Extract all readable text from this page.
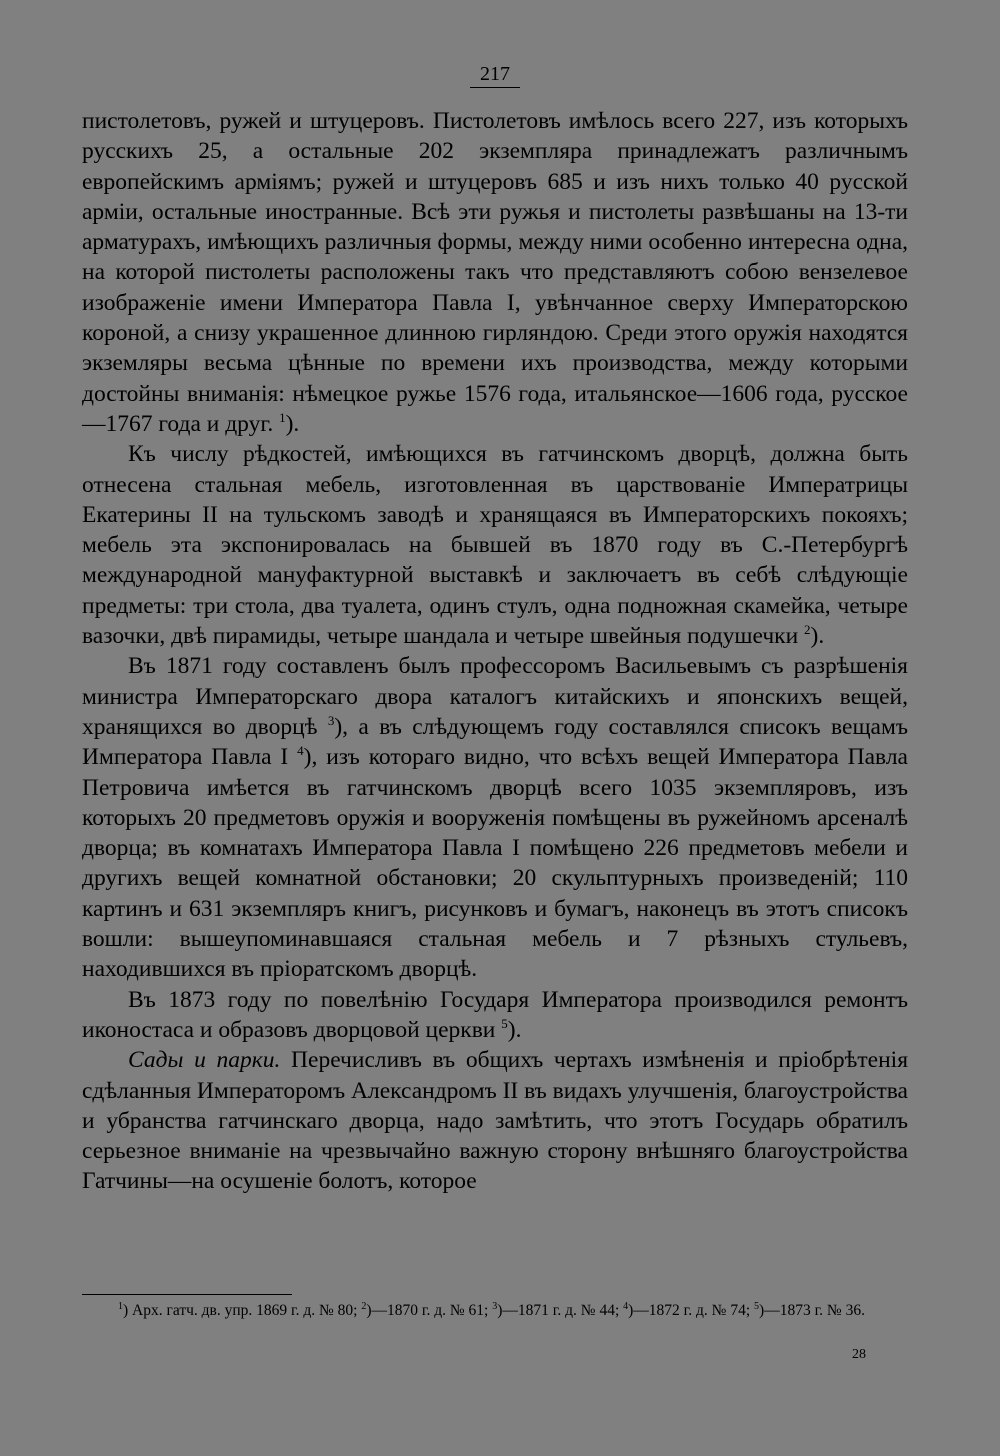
217

пистолетовъ, ружей и штуцеровъ. Пистолетовъ имѣлось всего 227, изъ которыхъ русскихъ 25, а остальные 202 экземпляра принадлежатъ различнымъ европейскимъ арміямъ; ружей и штуцеровъ 685 и изъ нихъ только 40 русской арміи, остальные иностранные. Всѣ эти ружья и пистолеты развѣшаны на 13-ти арматурахъ, имѣющихъ различныя формы, между ними особенно интересна одна, на которой пистолеты расположены такъ что представляютъ собою вензелевое изображеніе имени Императора Павла I, увѣнчанное сверху Императорскою короной, а снизу украшенное длинною гирляндою. Среди этого оружія находятся экземляры весьма цѣнные по времени ихъ производства, между которыми достойны вниманія: нѣмецкое ружье 1576 года, итальянское—1606 года, русское—1767 года и друг. $^1$).

Къ числу рѣдкостей, имѣющихся въ гатчинскомъ дворцѣ, должна быть отнесена стальная мебель, изготовленная въ царствованіе Императрицы Екатерины II на тульскомъ заводѣ и хранящаяся въ Императорскихъ покояхъ; мебель эта экспонировалась на бывшей въ 1870 году въ С.-Петербургѣ международной мануфактурной выставкѣ и заключаетъ въ себѣ слѣдующіе предметы: три стола, два туалета, одинъ стулъ, одна подножная скамейка, четыре вазочки, двѣ пирамиды, четыре шандала и четыре швейныя подушечки $^2$).

Въ 1871 году составленъ былъ профессоромъ Васильевымъ съ разрѣшенія министра Императорскаго двора каталогъ китайскихъ и японскихъ вещей, хранящихся во дворцѣ $^3$), а въ слѣдующемъ году составлялся списокъ вещамъ Императора Павла I $^4$), изъ котораго видно, что всѣхъ вещей Императора Павла Петровича имѣется въ гатчинскомъ дворцѣ всего 1035 экземпляровъ, изъ которыхъ 20 предметовъ оружія и вооруженія помѣщены въ ружейномъ арсеналѣ дворца; въ комнатахъ Императора Павла I помѣщено 226 предметовъ мебели и другихъ вещей комнатной обстановки; 20 скульптурныхъ произведеній; 110 картинъ и 631 экземпляръ книгъ, рисунковъ и бумагъ, наконецъ въ этотъ списокъ вошли: вышеупоминавшаяся стальная мебель и 7 рѣзныхъ стульевъ, находившихся въ пріоратскомъ дворцѣ.

Въ 1873 году по повелѣнію Государя Императора производился ремонтъ иконостаса и образовъ дворцовой церкви $^5$).

Сады и парки. Перечисливъ въ общихъ чертахъ измѣненія и пріобрѣтенія сдѣланныя Императоромъ Александромъ II въ видахъ улучшенія, благоустройства и убранства гатчинскаго дворца, надо замѣтить, что этотъ Государь обратилъ серьезное вниманіе на чрезвычайно важную сторону внѣшняго благоустройства Гатчины—на осушеніе болотъ, которое

$^1$) Арх. гатч. дв. упр. 1869 г. д. № 80; $^2$)—1870 г. д. № 61; $^3$)—1871 г. д. № 44; $^4$)—1872 г. д. № 74; $^5$)—1873 г. № 36.

28
